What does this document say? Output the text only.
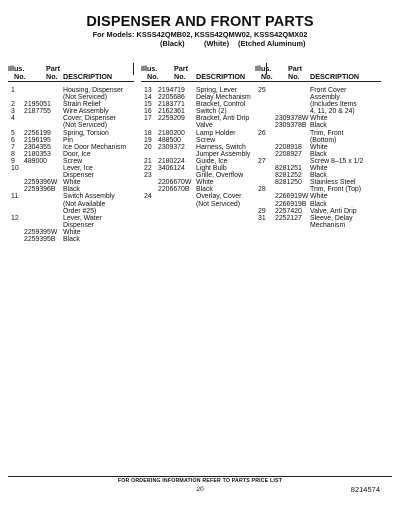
DISPENSER AND FRONT PARTS
For Models: KSSS42QMB02, KSSS42QMW02, KSSS42QMX02
(Black)	(White) (Etched Aluminum)
Illus.
No.
Part
No. DESCRIPTION
1	Housing, Dispenser
(Not Serviced)
2 2195051 Strain Relief
3 2187755 Wire Assembly
4	Cover, Dispenser
(Not Serviced)
5 2256199 Spring, Torsion
6 2196195 Pin
7 2304355 Ice Door Mechanism
8 2180353 Door, Ice
9 489000 Screw
10	Lever, Ice
Dispenser
2259396W White
2259396B Black
11	Switch Assembly
(Not Available
Order #25)
12	Lever, Water
Dispenser
2259395W White
2259395B Black
Illus.
No.
Part
No. DESCRIPTION
13 2194719 Spring, Lever
14 2205686 Delay Mechanism
15 2183771 Bracket, Control
16 2162361 Switch (2)
17 2259209 Bracket, Anti Drip
Valve
18 2180200 Lamp Holder
19 488500 Screw
20 2309372 Harness, Switch
Jumper Assembly
21 2180224 Guide, Ice
22 3406124 Light Bulb
23	Grille, Overflow
2206670W White
2206670B Black
24	Overlay, Cover
(Not Serviced)
Illus.
No.
Part
No. DESCRIPTION
25	Front Cover
Assembly
(Includes Items
4, 11, 20 & 24)
2309378W White
2309378B Black
26	Trim, Front
(Bottom)
2208918 White
2208927 Black
27	Screw 8–15 x 1/2
8281251 White
8281252 Black
8281250 Stainless Steel
28	Trim, Front (Top)
2266919W White
2266919B Black
29 2257420 Valve, Anti Drip
31 2252127 Sleeve, Delay
Mechanism
FOR ORDERING INFORMATION REFER TO PARTS PRICE LIST
20	8214574
